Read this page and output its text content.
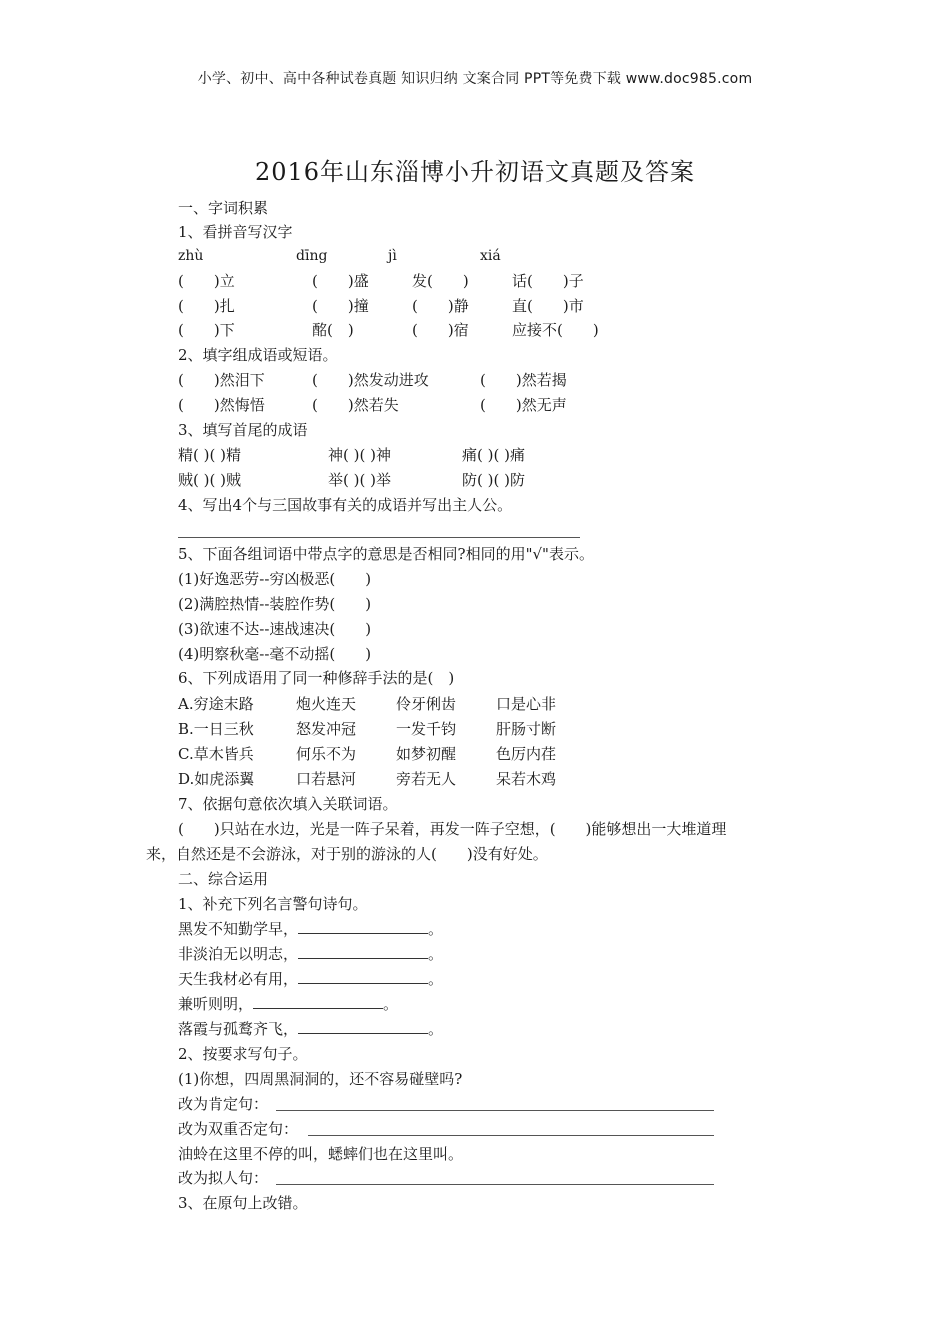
小学、初中、高中各种试卷真题 知识归纳 文案合同 PPT等免费下载 www.doc985.com
2016年山东淄博小升初语文真题及答案
一、字词积累
1、看拼音写汉字
zhù	dīng	jì	xiá
(　　)立	(　　)盛	发(　　)	话(　　)子
(　　)扎	(　　)撞	(　　)静	直(　　)市
(　　)下	酩(　)	(　　)宿	应接不(　　)
2、填字组成语或短语。
(　　)然泪下	(　　)然发动进攻	(　　)然若揭
(　　)然悔悟	(　　)然若失	(　　)然无声
3、填写首尾的成语
精( )( )精	神( )( )神	痛( )( )痛
贼( )( )贼	举( )( )举	防( )( )防
4、写出4个与三国故事有关的成语并写出主人公。
5、下面各组词语中带点字的意思是否相同?相同的用"√"表示。
(1)好逸恶劳--穷凶极恶(　　)
(2)满腔热情--装腔作势(　　)
(3)欲速不达--速战速决(　　)
(4)明察秋毫--毫不动摇(　　)
6、下列成语用了同一种修辞手法的是(　)
A.穷途末路	炮火连天	伶牙俐齿	口是心非
B.一日三秋	怒发冲冠	一发千钧	肝肠寸断
C.草木皆兵	何乐不为	如梦初醒	色厉内荏
D.如虎添翼	口若悬河	旁若无人	呆若木鸡
7、依据句意依次填入关联词语。
(　　)只站在水边，光是一阵子呆着，再发一阵子空想，(　　)能够想出一大堆道理
来，自然还是不会游泳，对于别的游泳的人(　　)没有好处。
二、综合运用
1、补充下列名言警句诗句。
黑发不知勤学早，	。
非淡泊无以明志，	。
天生我材必有用，	。
兼听则明，	。
落霞与孤鹜齐飞，	。
2、按要求写句子。
(1)你想，四周黑洞洞的，还不容易碰壁吗?
改为肯定句：
改为双重否定句：
油蛉在这里不停的叫，蟋蟀们也在这里叫。
改为拟人句：
3、在原句上改错。
